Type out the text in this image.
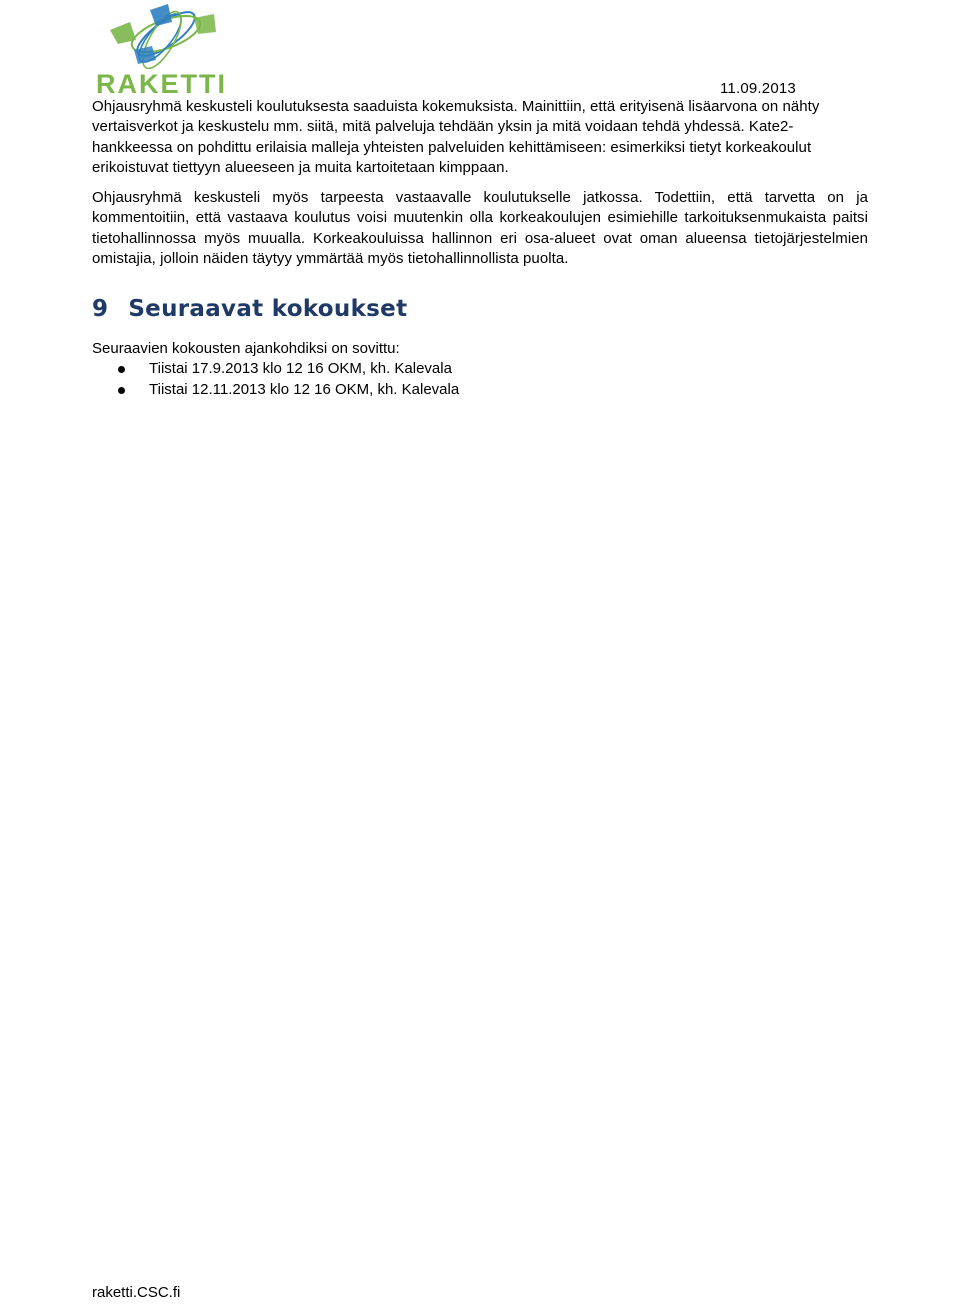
RAKETTI	11.09.2013

Ohjausryhmä keskusteli koulutuksesta saaduista kokemuksista. Mainittiin, että erityisenä lisäarvona on nähty vertaisverkot ja keskustelu mm. siitä, mitä palveluja tehdään yksin ja mitä voidaan tehdä yhdessä. Kate2-hankkeessa on pohdittu erilaisia malleja yhteisten palveluiden kehittämiseen: esimerkiksi tietyt korkeakoulut erikoistuvat tiettyyn alueeseen ja muita kartoitetaan kimppaan.

Ohjausryhmä keskusteli myös tarpeesta vastaavalle koulutukselle jatkossa. Todettiin, että tarvetta on ja kommentoitiin, että vastaava koulutus voisi muutenkin olla korkeakoulujen esimiehille tarkoituksenmukaista paitsi tietohallinnossa myös muualla. Korkeakouluissa hallinnon eri osa-alueet ovat oman alueensa tietojärjestelmien omistajia, jolloin näiden täytyy ymmärtää myös tietohallinnollista puolta.

9 Seuraavat kokoukset
Seuraavien kokousten ajankohdiksi on sovittu:
Tiistai 17.9.2013 klo 12 16 OKM, kh. Kalevala
Tiistai 12.11.2013 klo 12 16 OKM, kh. Kalevala
raketti.CSC.fi
